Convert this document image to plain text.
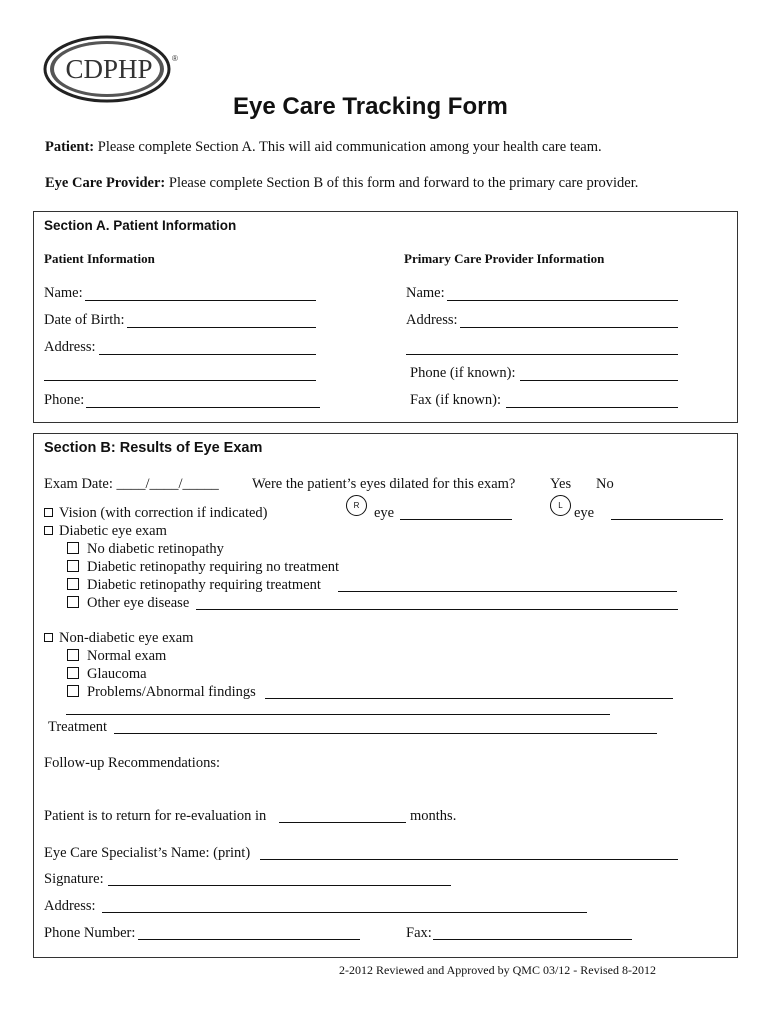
CDPHP ®
Eye Care Tracking Form
Patient: Please complete Section A. This will aid communication among your health care team.
Eye Care Provider: Please complete Section B of this form and forward to the primary care provider.
Section A. Patient Information
Patient Information	Primary Care Provider Information
Name:
Date of Birth:
Address:
Phone:
Name:
Address:
Phone (if known):
Fax (if known):
Section B: Results of Eye Exam
Exam Date: ____/____/_____ Were the patient’s eyes dilated for this exam? Yes No
Vision (with correction if indicated)	R	eye	L eye
Diabetic eye exam
No diabetic retinopathy
Diabetic retinopathy requiring no treatment
Diabetic retinopathy requiring treatment
Other eye disease
Non-diabetic eye exam
Normal exam
Glaucoma
Problems/Abnormal findings
Treatment
Follow-up Recommendations:
Patient is to return for re-evaluation in	months.
Eye Care Specialist’s Name: (print)
Signature:
Address:
Phone Number:	Fax:
2-2012 Reviewed and Approved by QMC 03/12 - Revised 8-2012
